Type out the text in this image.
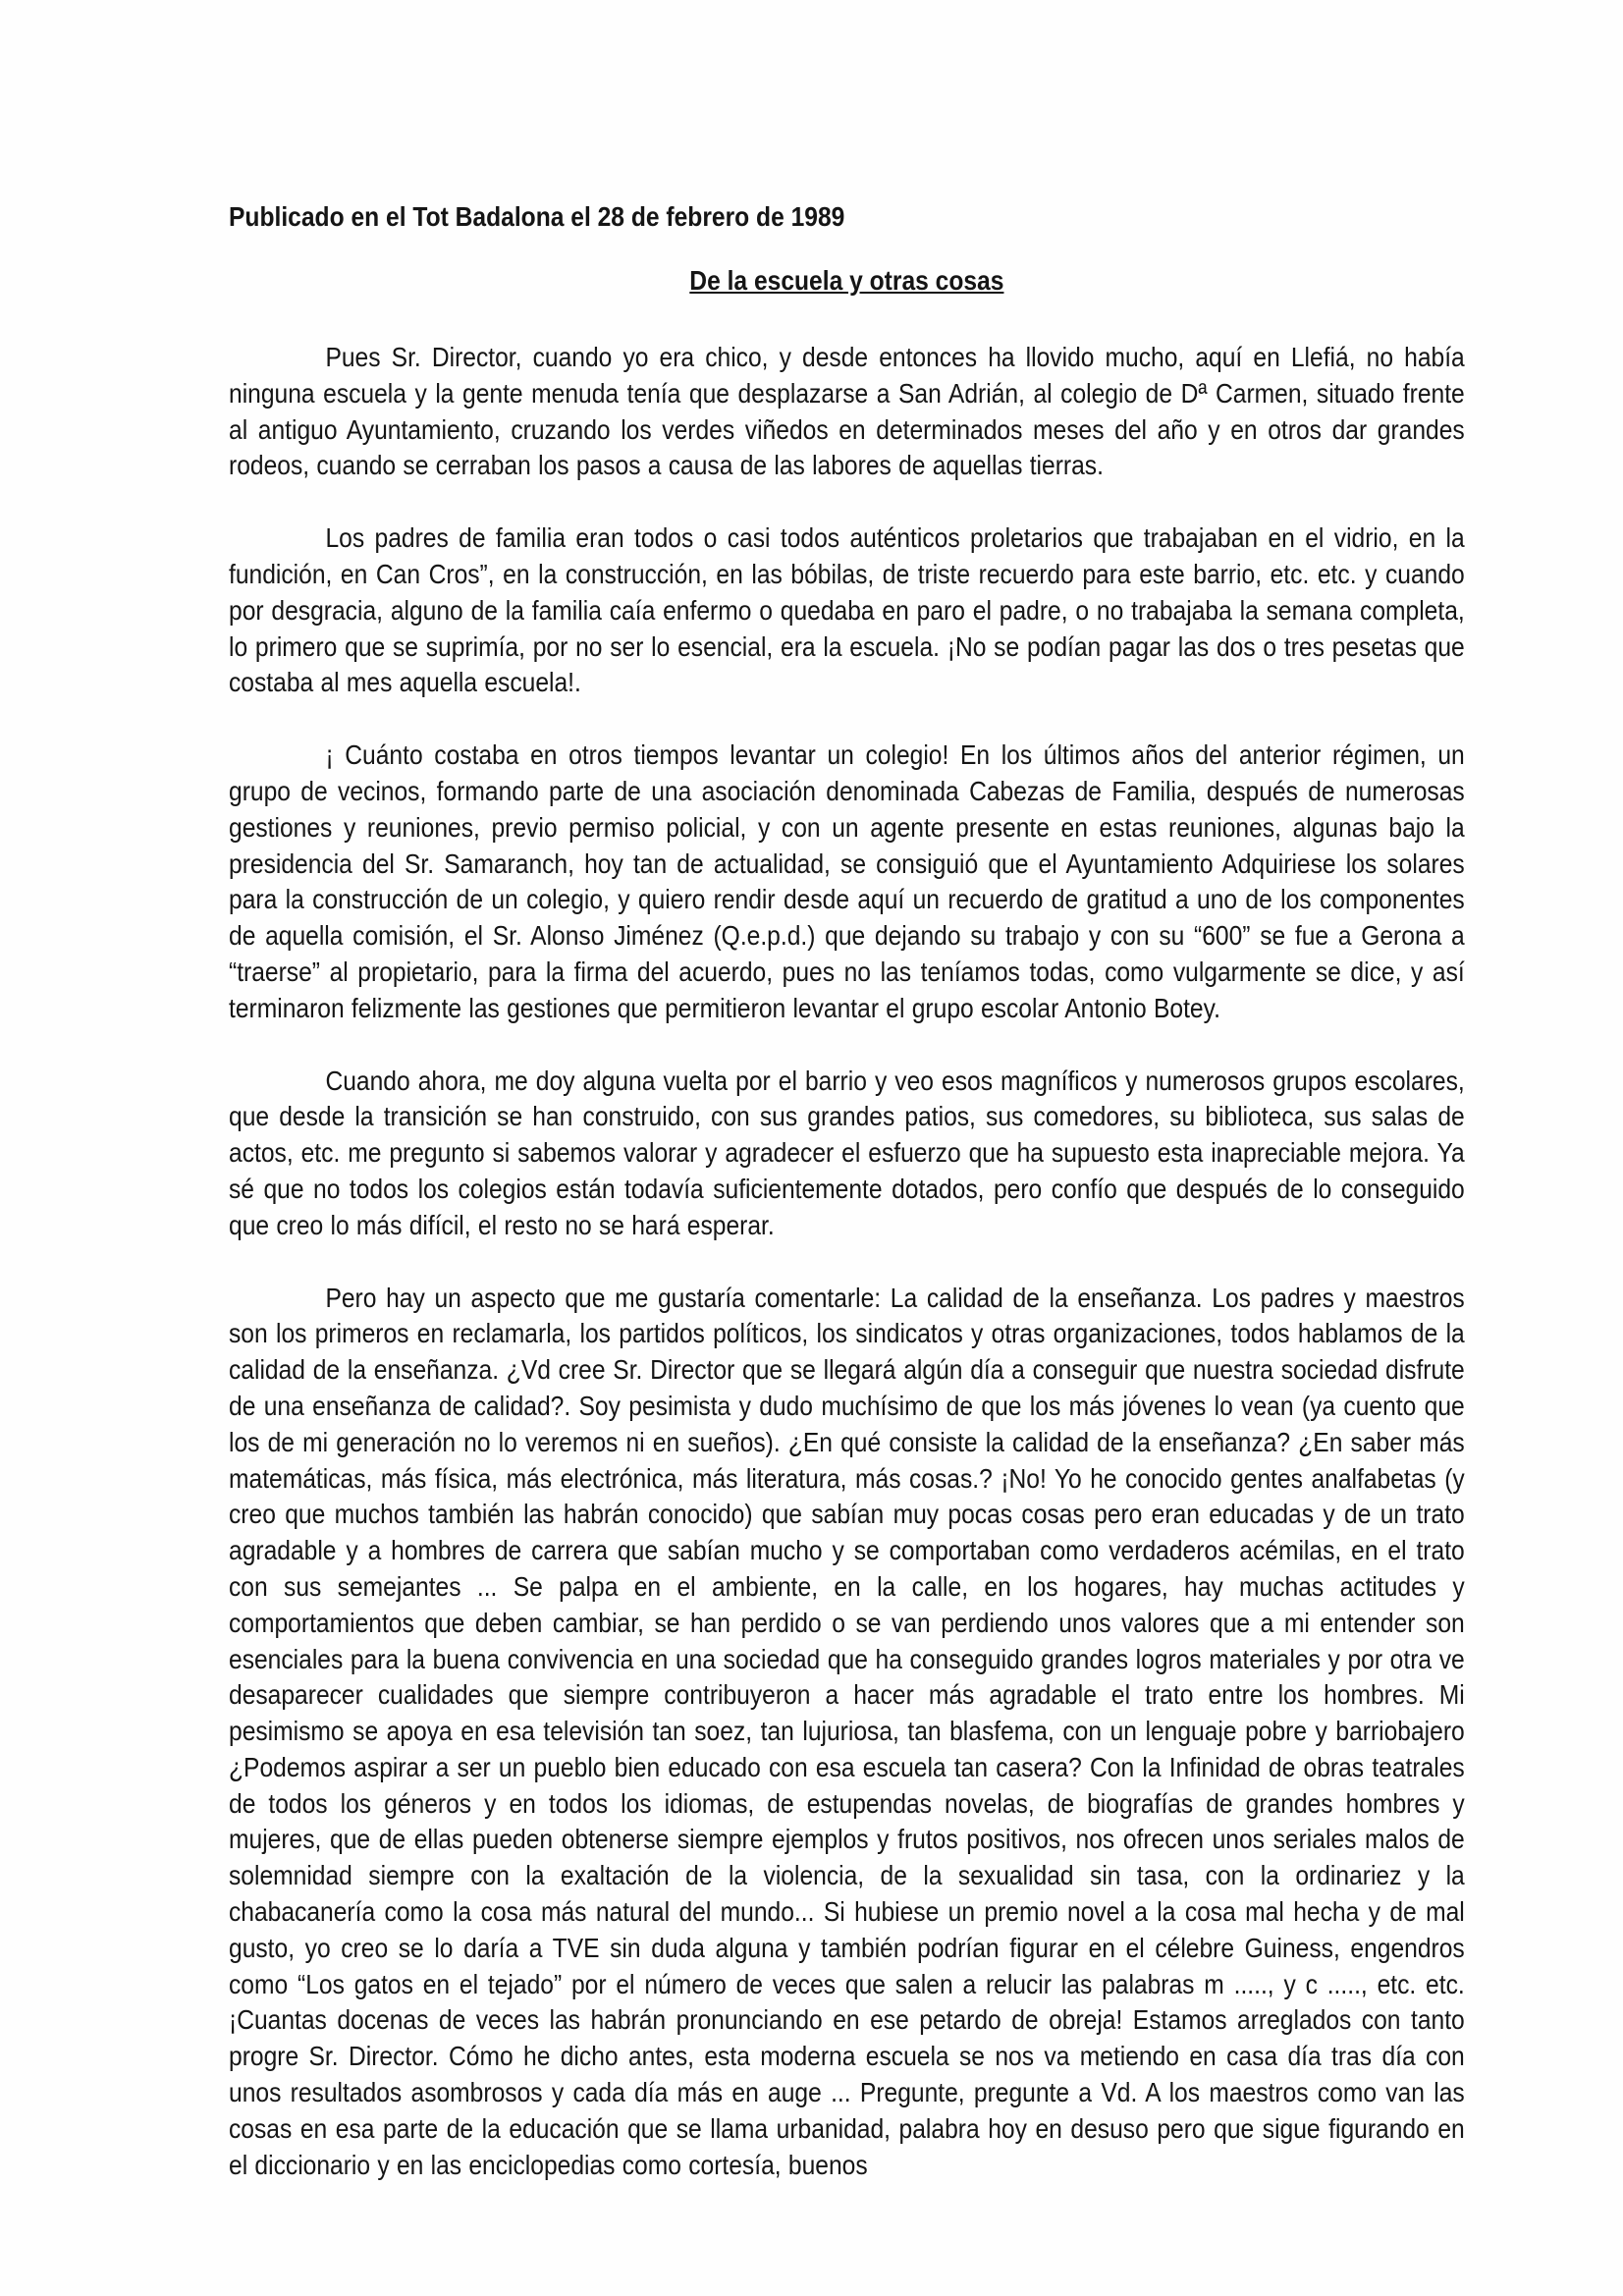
Publicado en el Tot Badalona el 28 de febrero de 1989

De la escuela y otras cosas

Pues Sr. Director, cuando yo era chico, y desde entonces ha llovido mucho, aquí en Llefiá, no había ninguna escuela y la gente menuda tenía que desplazarse a San Adrián, al colegio de Dª Carmen, situado frente al antiguo Ayuntamiento, cruzando los verdes viñedos en determinados meses del año y en otros dar grandes rodeos, cuando se cerraban los pasos a causa de las labores de aquellas tierras.

Los padres de familia eran todos o casi todos auténticos proletarios que trabajaban en el vidrio, en la fundición, en Can Cros”, en la construcción, en las bóbilas, de triste recuerdo para este barrio, etc. etc. y cuando por desgracia, alguno de la familia caía enfermo o quedaba en paro el padre, o no trabajaba la semana completa, lo primero que se suprimía, por no ser lo esencial, era la escuela. ¡No se podían pagar las dos o tres pesetas que costaba al mes aquella escuela!.

¡ Cuánto costaba en otros tiempos levantar un colegio! En los últimos años del anterior régimen, un grupo de vecinos, formando parte de una asociación denominada Cabezas de Familia, después de numerosas gestiones y reuniones, previo permiso policial, y con un agente presente en estas reuniones, algunas bajo la presidencia del Sr. Samaranch, hoy tan de actualidad, se consiguió que el Ayuntamiento Adquiriese los solares para la construcción de un colegio, y quiero rendir desde aquí un recuerdo de gratitud a uno de los componentes de aquella comisión, el Sr. Alonso Jiménez (Q.e.p.d.) que dejando su trabajo y con su “600” se fue a Gerona a “traerse” al propietario, para la firma del acuerdo, pues no las teníamos todas, como vulgarmente se dice, y así terminaron felizmente las gestiones que permitieron levantar el grupo escolar Antonio Botey.

Cuando ahora, me doy alguna vuelta por el barrio y veo esos magníficos y numerosos grupos escolares, que desde la transición se han construido, con sus grandes patios, sus comedores, su biblioteca, sus salas de actos, etc. me pregunto si sabemos valorar y agradecer el esfuerzo que ha supuesto esta inapreciable mejora. Ya sé que no todos los colegios están todavía suficientemente dotados, pero confío que después de lo conseguido que creo lo más difícil, el resto no se hará esperar.

Pero hay un aspecto que me gustaría comentarle: La calidad de la enseñanza. Los padres y maestros son los primeros en reclamarla, los partidos políticos, los sindicatos y otras organizaciones, todos hablamos de la calidad de la enseñanza. ¿Vd cree Sr. Director que se llegará algún día a conseguir que nuestra sociedad disfrute de una enseñanza de calidad?. Soy pesimista y dudo muchísimo de que los más jóvenes lo vean (ya cuento que los de mi generación no lo veremos ni en sueños). ¿En qué consiste la calidad de la enseñanza? ¿En saber más matemáticas, más física, más electrónica, más literatura, más cosas.? ¡No! Yo he conocido gentes analfabetas (y creo que muchos también las habrán conocido) que sabían muy pocas cosas pero eran educadas y de un trato agradable y a hombres de carrera que sabían mucho y se comportaban como verdaderos acémilas, en el trato con sus semejantes ... Se palpa en el ambiente, en la calle, en los hogares, hay muchas actitudes y comportamientos que deben cambiar, se han perdido o se van perdiendo unos valores que a mi entender son esenciales para la buena convivencia en una sociedad que ha conseguido grandes logros materiales y por otra ve desaparecer cualidades que siempre contribuyeron a hacer más agradable el trato entre los hombres. Mi pesimismo se apoya en esa televisión tan soez, tan lujuriosa, tan blasfema, con un lenguaje pobre y barriobajero ¿Podemos aspirar a ser un pueblo bien educado con esa escuela tan casera? Con la Infinidad de obras teatrales de todos los géneros y en todos los idiomas, de estupendas novelas, de biografías de grandes hombres y mujeres, que de ellas pueden obtenerse siempre ejemplos y frutos positivos, nos ofrecen unos seriales malos de solemnidad siempre con la exaltación de la violencia, de la sexualidad sin tasa, con la ordinariez y la chabacanería como la cosa más natural del mundo... Si hubiese un premio novel a la cosa mal hecha y de mal gusto, yo creo se lo daría a TVE sin duda alguna y también podrían figurar en el célebre Guiness, engendros como “Los gatos en el tejado” por el número de veces que salen a relucir las palabras m ....., y c ....., etc. etc. ¡Cuantas docenas de veces las habrán pronunciando en ese petardo de obreja! Estamos arreglados con tanto progre Sr. Director. Cómo he dicho antes, esta moderna escuela se nos va metiendo en casa día tras día con unos resultados asombrosos y cada día más en auge ... Pregunte, pregunte a Vd. A los maestros como van las cosas en esa parte de la educación que se llama urbanidad, palabra hoy en desuso pero que sigue figurando en el diccionario y en las enciclopedias como cortesía, buenos
